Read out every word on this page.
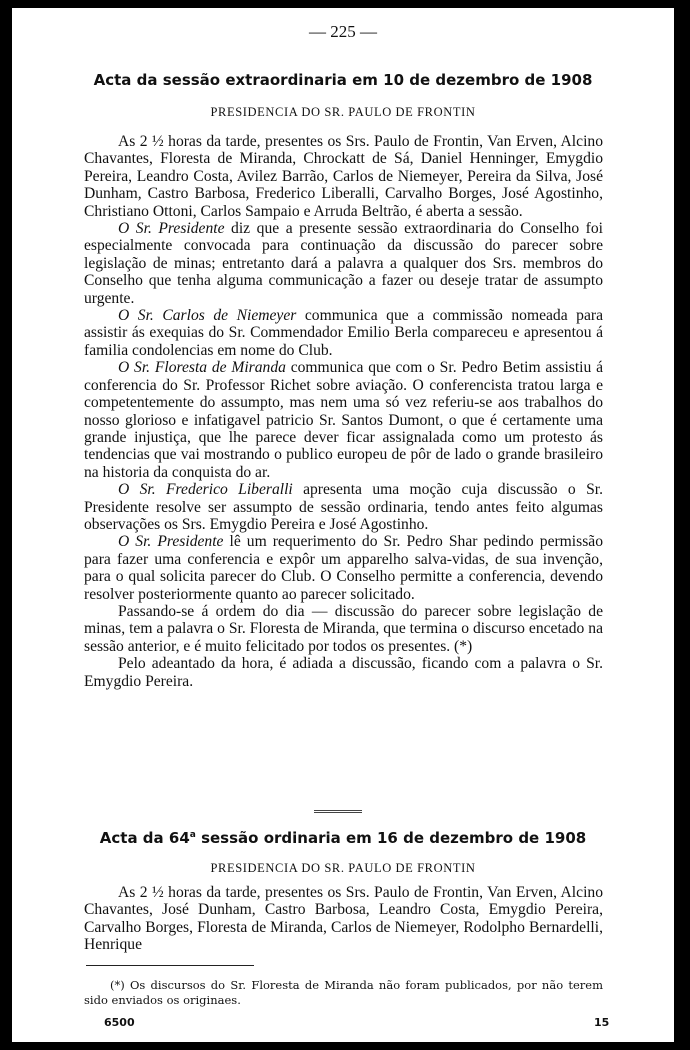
— 225 —
Acta da sessão extraordinaria em 10 de dezembro de 1908
PRESIDENCIA DO SR. PAULO DE FRONTIN

As 2 ½ horas da tarde, presentes os Srs. Paulo de Frontin, Van Erven, Alcino Chavantes, Floresta de Miranda, Chrockatt de Sá, Daniel Henninger, Emygdio Pereira, Leandro Costa, Avilez Barrão, Carlos de Niemeyer, Pereira da Silva, José Dunham, Castro Barbosa, Frederico Liberalli, Carvalho Borges, José Agostinho, Christiano Ottoni, Carlos Sampaio e Arruda Beltrão, é aberta a sessão.

O Sr. Presidente diz que a presente sessão extraordinaria do Conselho foi especialmente convocada para continuação da discussão do parecer sobre legislação de minas; entretanto dará a palavra a qualquer dos Srs. membros do Conselho que tenha alguma communicação a fazer ou deseje tratar de assumpto urgente.

O Sr. Carlos de Niemeyer communica que a commissão nomeada para assistir ás exequias do Sr. Commendador Emilio Berla compareceu e apresentou á familia condolencias em nome do Club.

O Sr. Floresta de Miranda communica que com o Sr. Pedro Betim assistiu á conferencia do Sr. Professor Richet sobre aviação. O conferencista tratou larga e competentemente do assumpto, mas nem uma só vez referiu-se aos trabalhos do nosso glorioso e infatigavel patricio Sr. Santos Dumont, o que é certamente uma grande injustiça, que lhe parece dever ficar assignalada como um protesto ás tendencias que vai mostrando o publico europeu de pôr de lado o grande brasileiro na historia da conquista do ar.

O Sr. Frederico Liberalli apresenta uma moção cuja discussão o Sr. Presidente resolve ser assumpto de sessão ordinaria, tendo antes feito algumas observações os Srs. Emygdio Pereira e José Agostinho.

O Sr. Presidente lê um requerimento do Sr. Pedro Shar pedindo permissão para fazer uma conferencia e expôr um apparelho salva-vidas, de sua invenção, para o qual solicita parecer do Club. O Conselho permitte a conferencia, devendo resolver posteriormente quanto ao parecer solicitado.

Passando-se á ordem do dia — discussão do parecer sobre legislação de minas, tem a palavra o Sr. Floresta de Miranda, que termina o discurso encetado na sessão anterior, e é muito felicitado por todos os presentes. (*)

Pelo adeantado da hora, é adiada a discussão, ficando com a palavra o Sr. Emygdio Pereira.

Acta da 64$^a$ sessão ordinaria em 16 de dezembro de 1908
PRESIDENCIA DO SR. PAULO DE FRONTIN

As 2 ½ horas da tarde, presentes os Srs. Paulo de Frontin, Van Erven, Alcino Chavantes, José Dunham, Castro Barbosa, Leandro Costa, Emygdio Pereira, Carvalho Borges, Floresta de Miranda, Carlos de Niemeyer, Rodolpho Bernardelli, Henrique

(*) Os discursos do Sr. Floresta de Miranda não foram publicados, por não terem sido enviados os originaes.
6500	15
